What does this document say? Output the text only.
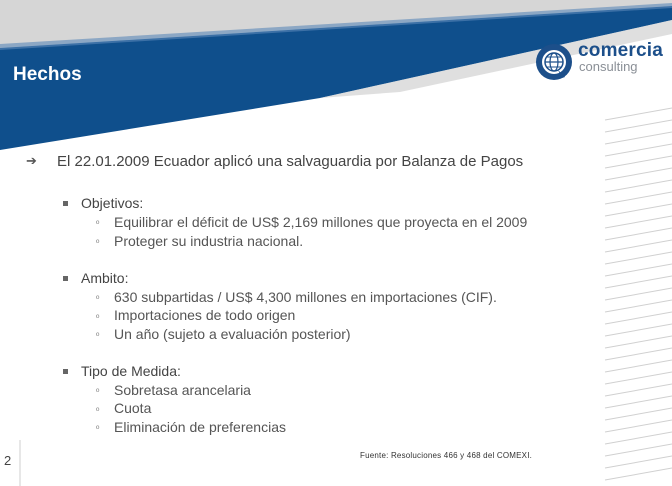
Hechos
comercia
consulting
➔ El 22.01.2009 Ecuador aplicó una salvaguardia por Balanza de Pagos
Objetivos:
º Equilibrar el déficit de US$ 2,169 millones que proyecta en el 2009
º Proteger su industria nacional.
Ambito:
º 630 subpartidas / US$ 4,300 millones en importaciones (CIF).
º Importaciones de todo origen
º Un año (sujeto a evaluación posterior)
Tipo de Medida:
º Sobretasa arancelaria
º Cuota
º Eliminación de preferencias
Fuente: Resoluciones 466 y 468 del COMEXI.
2
